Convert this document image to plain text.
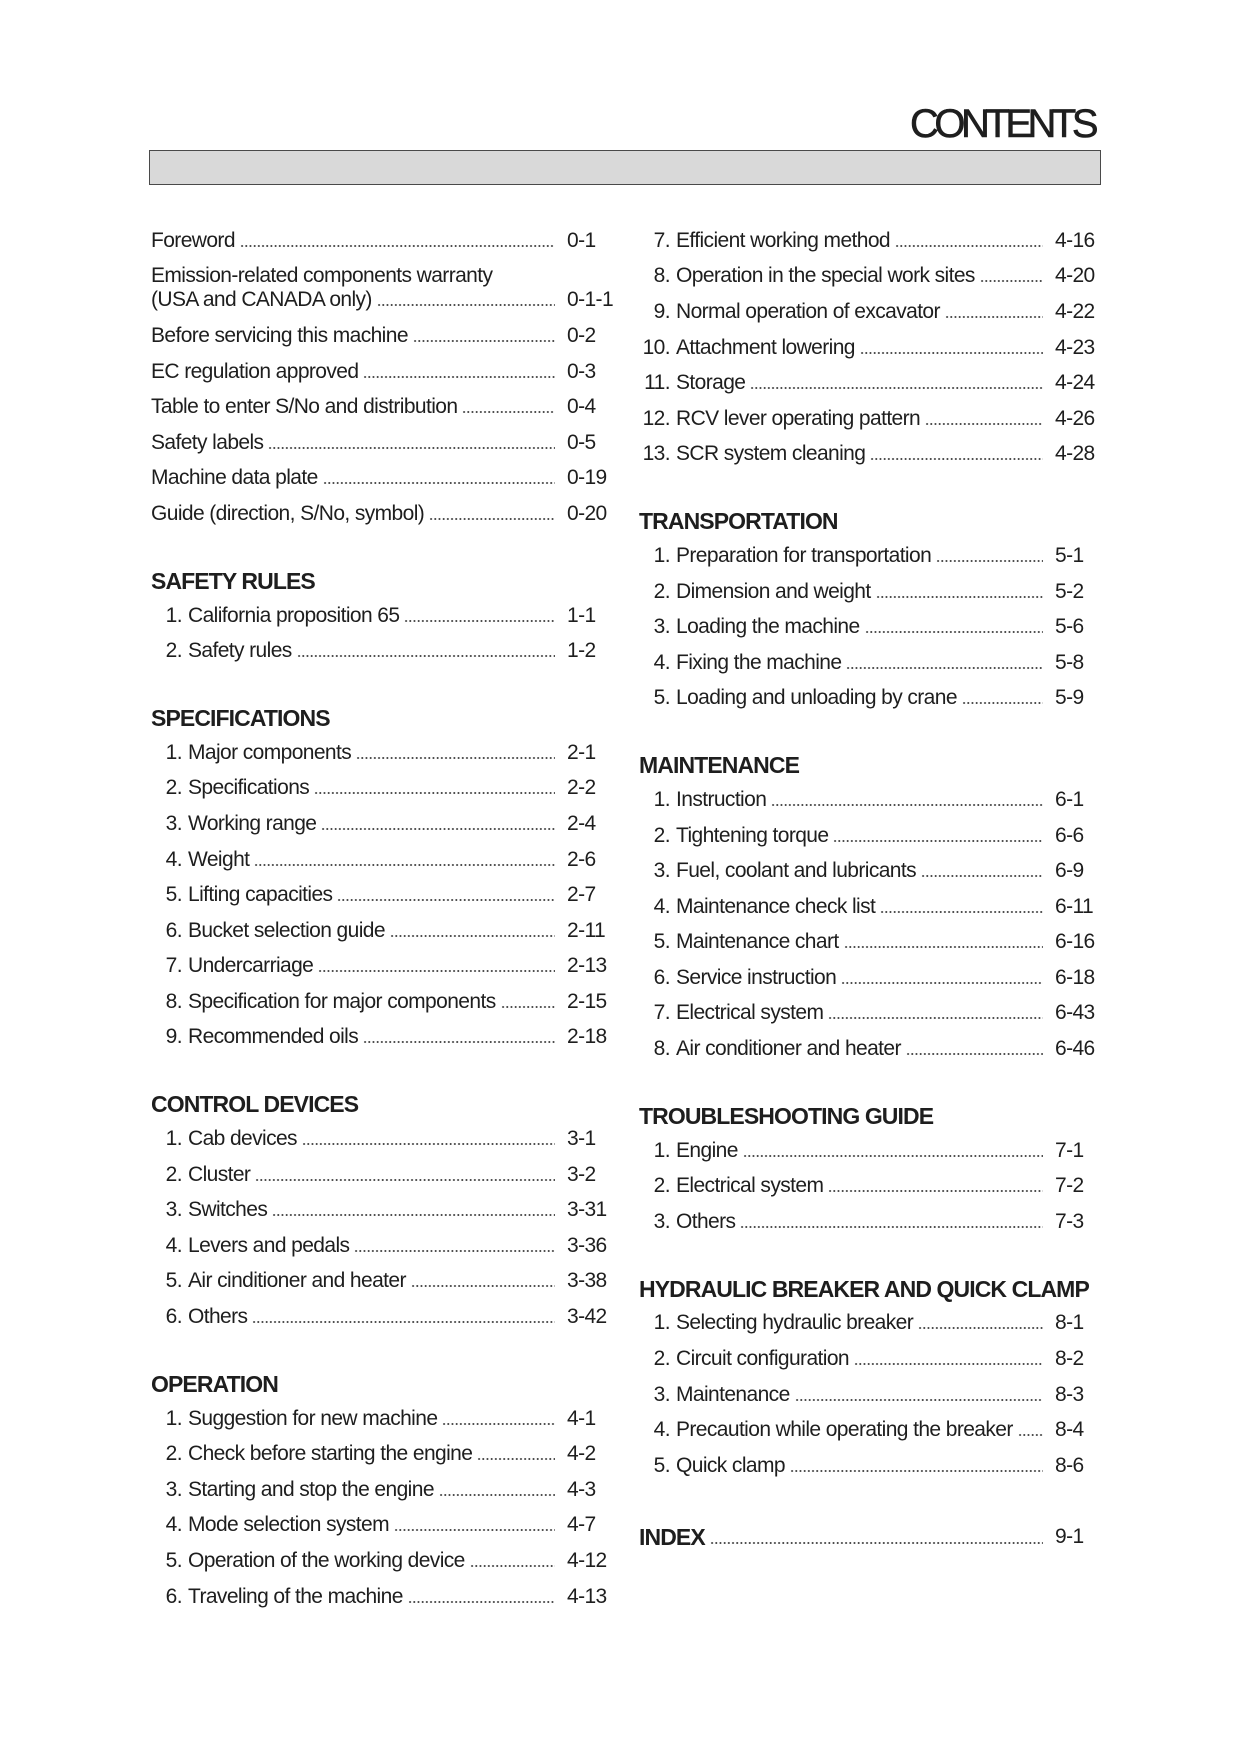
CONTENTS
Foreword	0-1
Emission-related components warranty
(USA and CANADA only)	0-1-1
Before servicing this machine	0-2
EC regulation approved	0-3
Table to enter S/No and distribution	0-4
Safety labels	0-5
Machine data plate	0-19
Guide (direction, S/No, symbol)	0-20
SAFETY RULES
1. California proposition 65	1-1
2. Safety rules	1-2
SPECIFICATIONS
1. Major components	2-1
2. Specifications	2-2
3. Working range	2-4
4. Weight	2-6
5. Lifting capacities	2-7
6. Bucket selection guide	2-11
7. Undercarriage	2-13
8. Specification for major components	2-15
9. Recommended oils	2-18
CONTROL DEVICES
1. Cab devices	3-1
2. Cluster	3-2
3. Switches	3-31
4. Levers and pedals	3-36
5. Air cinditioner and heater	3-38
6. Others	3-42
OPERATION
1. Suggestion for new machine	4-1
2. Check before starting the engine	4-2
3. Starting and stop the engine	4-3
4. Mode selection system	4-7
5. Operation of the working device	4-12
6. Traveling of the machine	4-13
7. Efficient working method	4-16
8. Operation in the special work sites	4-20
9. Normal operation of excavator	4-22
10. Attachment lowering	4-23
11. Storage	4-24
12. RCV lever operating pattern	4-26
13. SCR system cleaning	4-28
TRANSPORTATION
1. Preparation for transportation	5-1
2. Dimension and weight	5-2
3. Loading the machine	5-6
4. Fixing the machine	5-8
5. Loading and unloading by crane	5-9
MAINTENANCE
1. Instruction	6-1
2. Tightening torque	6-6
3. Fuel, coolant and lubricants	6-9
4. Maintenance check list	6-11
5. Maintenance chart	6-16
6. Service instruction	6-18
7. Electrical system	6-43
8. Air conditioner and heater	6-46
TROUBLESHOOTING GUIDE
1. Engine	7-1
2. Electrical system	7-2
3. Others	7-3
HYDRAULIC BREAKER AND QUICK CLAMP
1. Selecting hydraulic breaker	8-1
2. Circuit configuration	8-2
3. Maintenance	8-3
4. Precaution while operating the breaker 8-4
5. Quick clamp	8-6
INDEX	9-1
